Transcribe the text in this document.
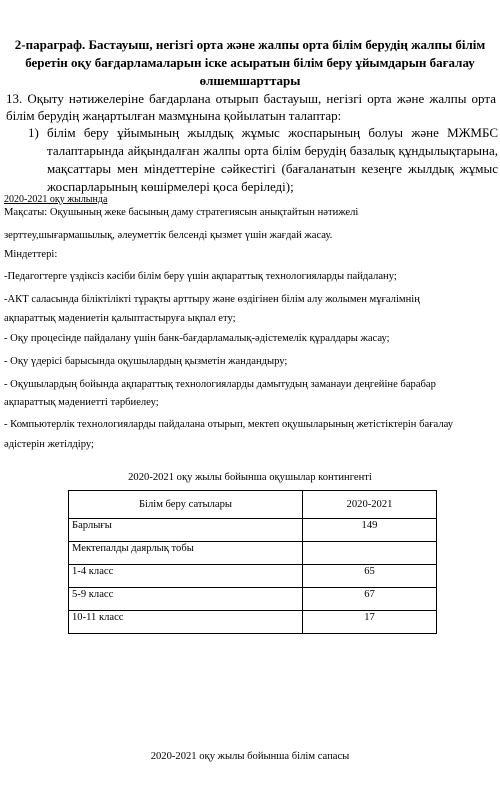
2-параграф. Бастауыш, негізгі орта және жалпы орта білім берудің жалпы білім беретін оқу бағдарламаларын іске асыратын білім беру ұйымдарын бағалау өлшемшарттары

13. Оқыту нәтижелеріне бағдарлана отырып бастауыш, негізгі орта және жалпы орта білім берудің жаңартылған мазмұнына қойылатын талаптар:

1) білім беру ұйымының жылдық жұмыс жоспарының болуы және МЖМБС талаптарында айқындалған жалпы орта білім берудің базалық құндылықтарына, мақсаттары мен міндеттеріне сәйкестігі (бағаланатын кезеңге жылдық жұмыс жоспарларының көшірмелері қоса беріледі);

2020-2021 оқу жылында

Мақсаты: Оқушының жеке басының даму стратегиясын анықтайтын нәтижелі

зерттеу,шығармашылық, әлеуметтік белсенді қызмет үшін жағдай жасау.

Міндеттері:

-Педагогтерге үздіксіз кәсіби білім беру үшін ақпараттық технологияларды пайдалану;

-АКТ саласында біліктілікті тұрақты арттыру және өздігінен білім алу жолымен мұғалімнің

ақпараттық мәдениетін қалыптастыруға ықпал ету;

- Оқу процесінде пайдалану үшін банк-бағдарламалық-әдістемелік құралдары жасау;

- Оқу үдерісі барысында оқушылардың қызметін жандандыру;

- Оқушылардың бойында ақпараттық технологияларды дамытудың заманауи деңгейіне барабар

ақпараттық мәдениетті тәрбиелеу;

- Компьютерлік технологияларды пайдалана отырып, мектеп оқушыларының жетістіктерін бағалау

әдістерін жетілдіру;

2020-2021 оқу жылы бойынша оқушылар контингенті

Білім беру сатылары	2020-2021
Барлығы	149
Мектепалды даярлық тобы	
1-4 класс	65
5-9 класс	67
10-11 класс	17

2020-2021 оқу жылы бойынша білім сапасы
